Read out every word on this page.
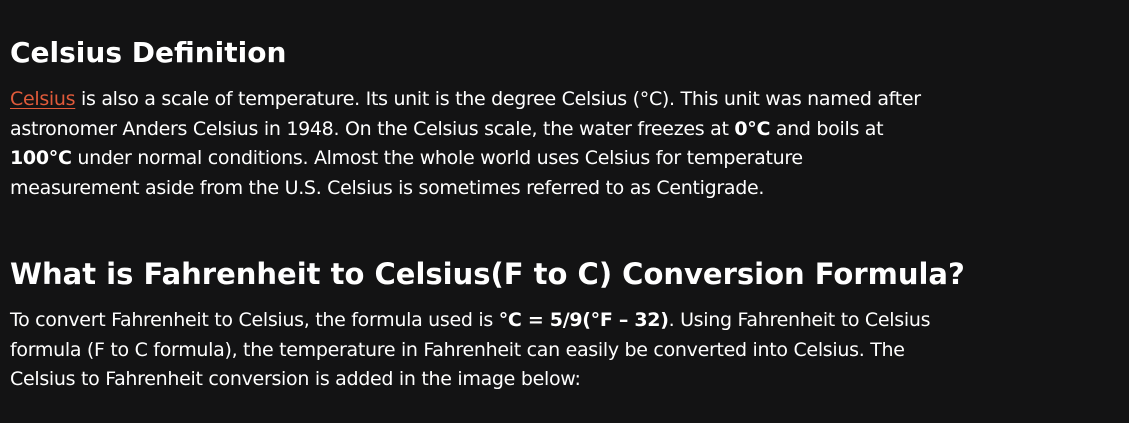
Celsius Definition

Celsius is also a scale of temperature. Its unit is the degree Celsius (°C). This unit was named after
astronomer Anders Celsius in 1948. On the Celsius scale, the water freezes at 0°C and boils at
100°C under normal conditions. Almost the whole world uses Celsius for temperature
measurement aside from the U.S. Celsius is sometimes referred to as Centigrade.

What is Fahrenheit to Celsius(F to C) Conversion Formula?

To convert Fahrenheit to Celsius, the formula used is °C = 5/9(°F – 32). Using Fahrenheit to Celsius
formula (F to C formula), the temperature in Fahrenheit can easily be converted into Celsius. The
Celsius to Fahrenheit conversion is added in the image below:
